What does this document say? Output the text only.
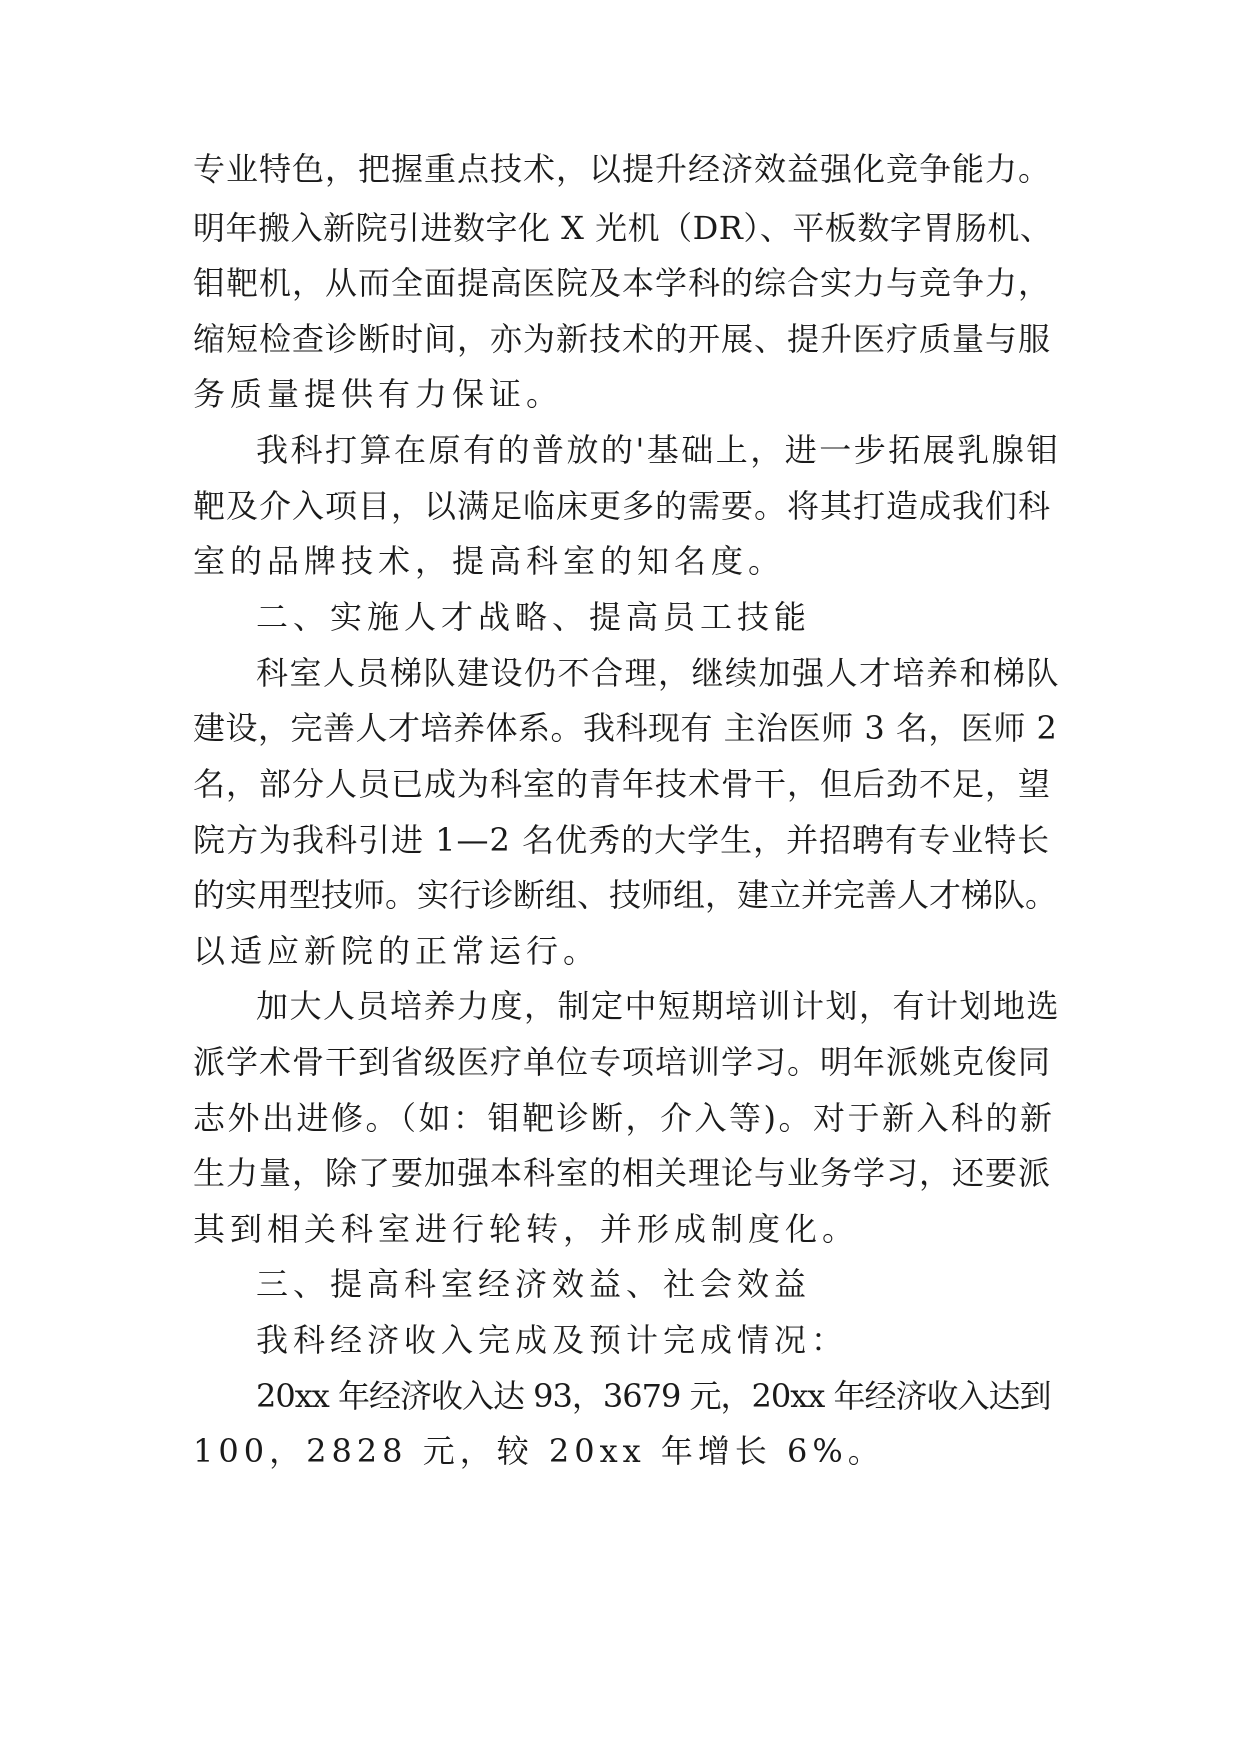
专业特色，把握重点技术，以提升经济效益强化竞争能力。
明年搬入新院引进数字化 X 光机（DR）、平板数字胃肠机、
钼靶机，从而全面提高医院及本学科的综合实力与竞争力，
缩短检查诊断时间，亦为新技术的开展、提升医疗质量与服
务质量提供有力保证。
我科打算在原有的普放的'基础上，进一步拓展乳腺钼
靶及介入项目，以满足临床更多的需要。将其打造成我们科
室的品牌技术，提高科室的知名度。
二、实施人才战略、提高员工技能
科室人员梯队建设仍不合理，继续加强人才培养和梯队
建设，完善人才培养体系。我科现有 主治医师 3 名，医师 2
名，部分人员已成为科室的青年技术骨干，但后劲不足，望
院方为我科引进 1—2 名优秀的大学生，并招聘有专业特长
的实用型技师。实行诊断组、技师组，建立并完善人才梯队。
以适应新院的正常运行。
加大人员培养力度，制定中短期培训计划，有计划地选
派学术骨干到省级医疗单位专项培训学习。明年派姚克俊同
志外出进修。（如：钼靶诊断，介入等)。对于新入科的新
生力量，除了要加强本科室的相关理论与业务学习，还要派
其到相关科室进行轮转，并形成制度化。
三、提高科室经济效益、社会效益
我科经济收入完成及预计完成情况：
20xx 年经济收入达 93，3679 元，20xx 年经济收入达到
100，2828 元，较 20xx 年增长 6%。
